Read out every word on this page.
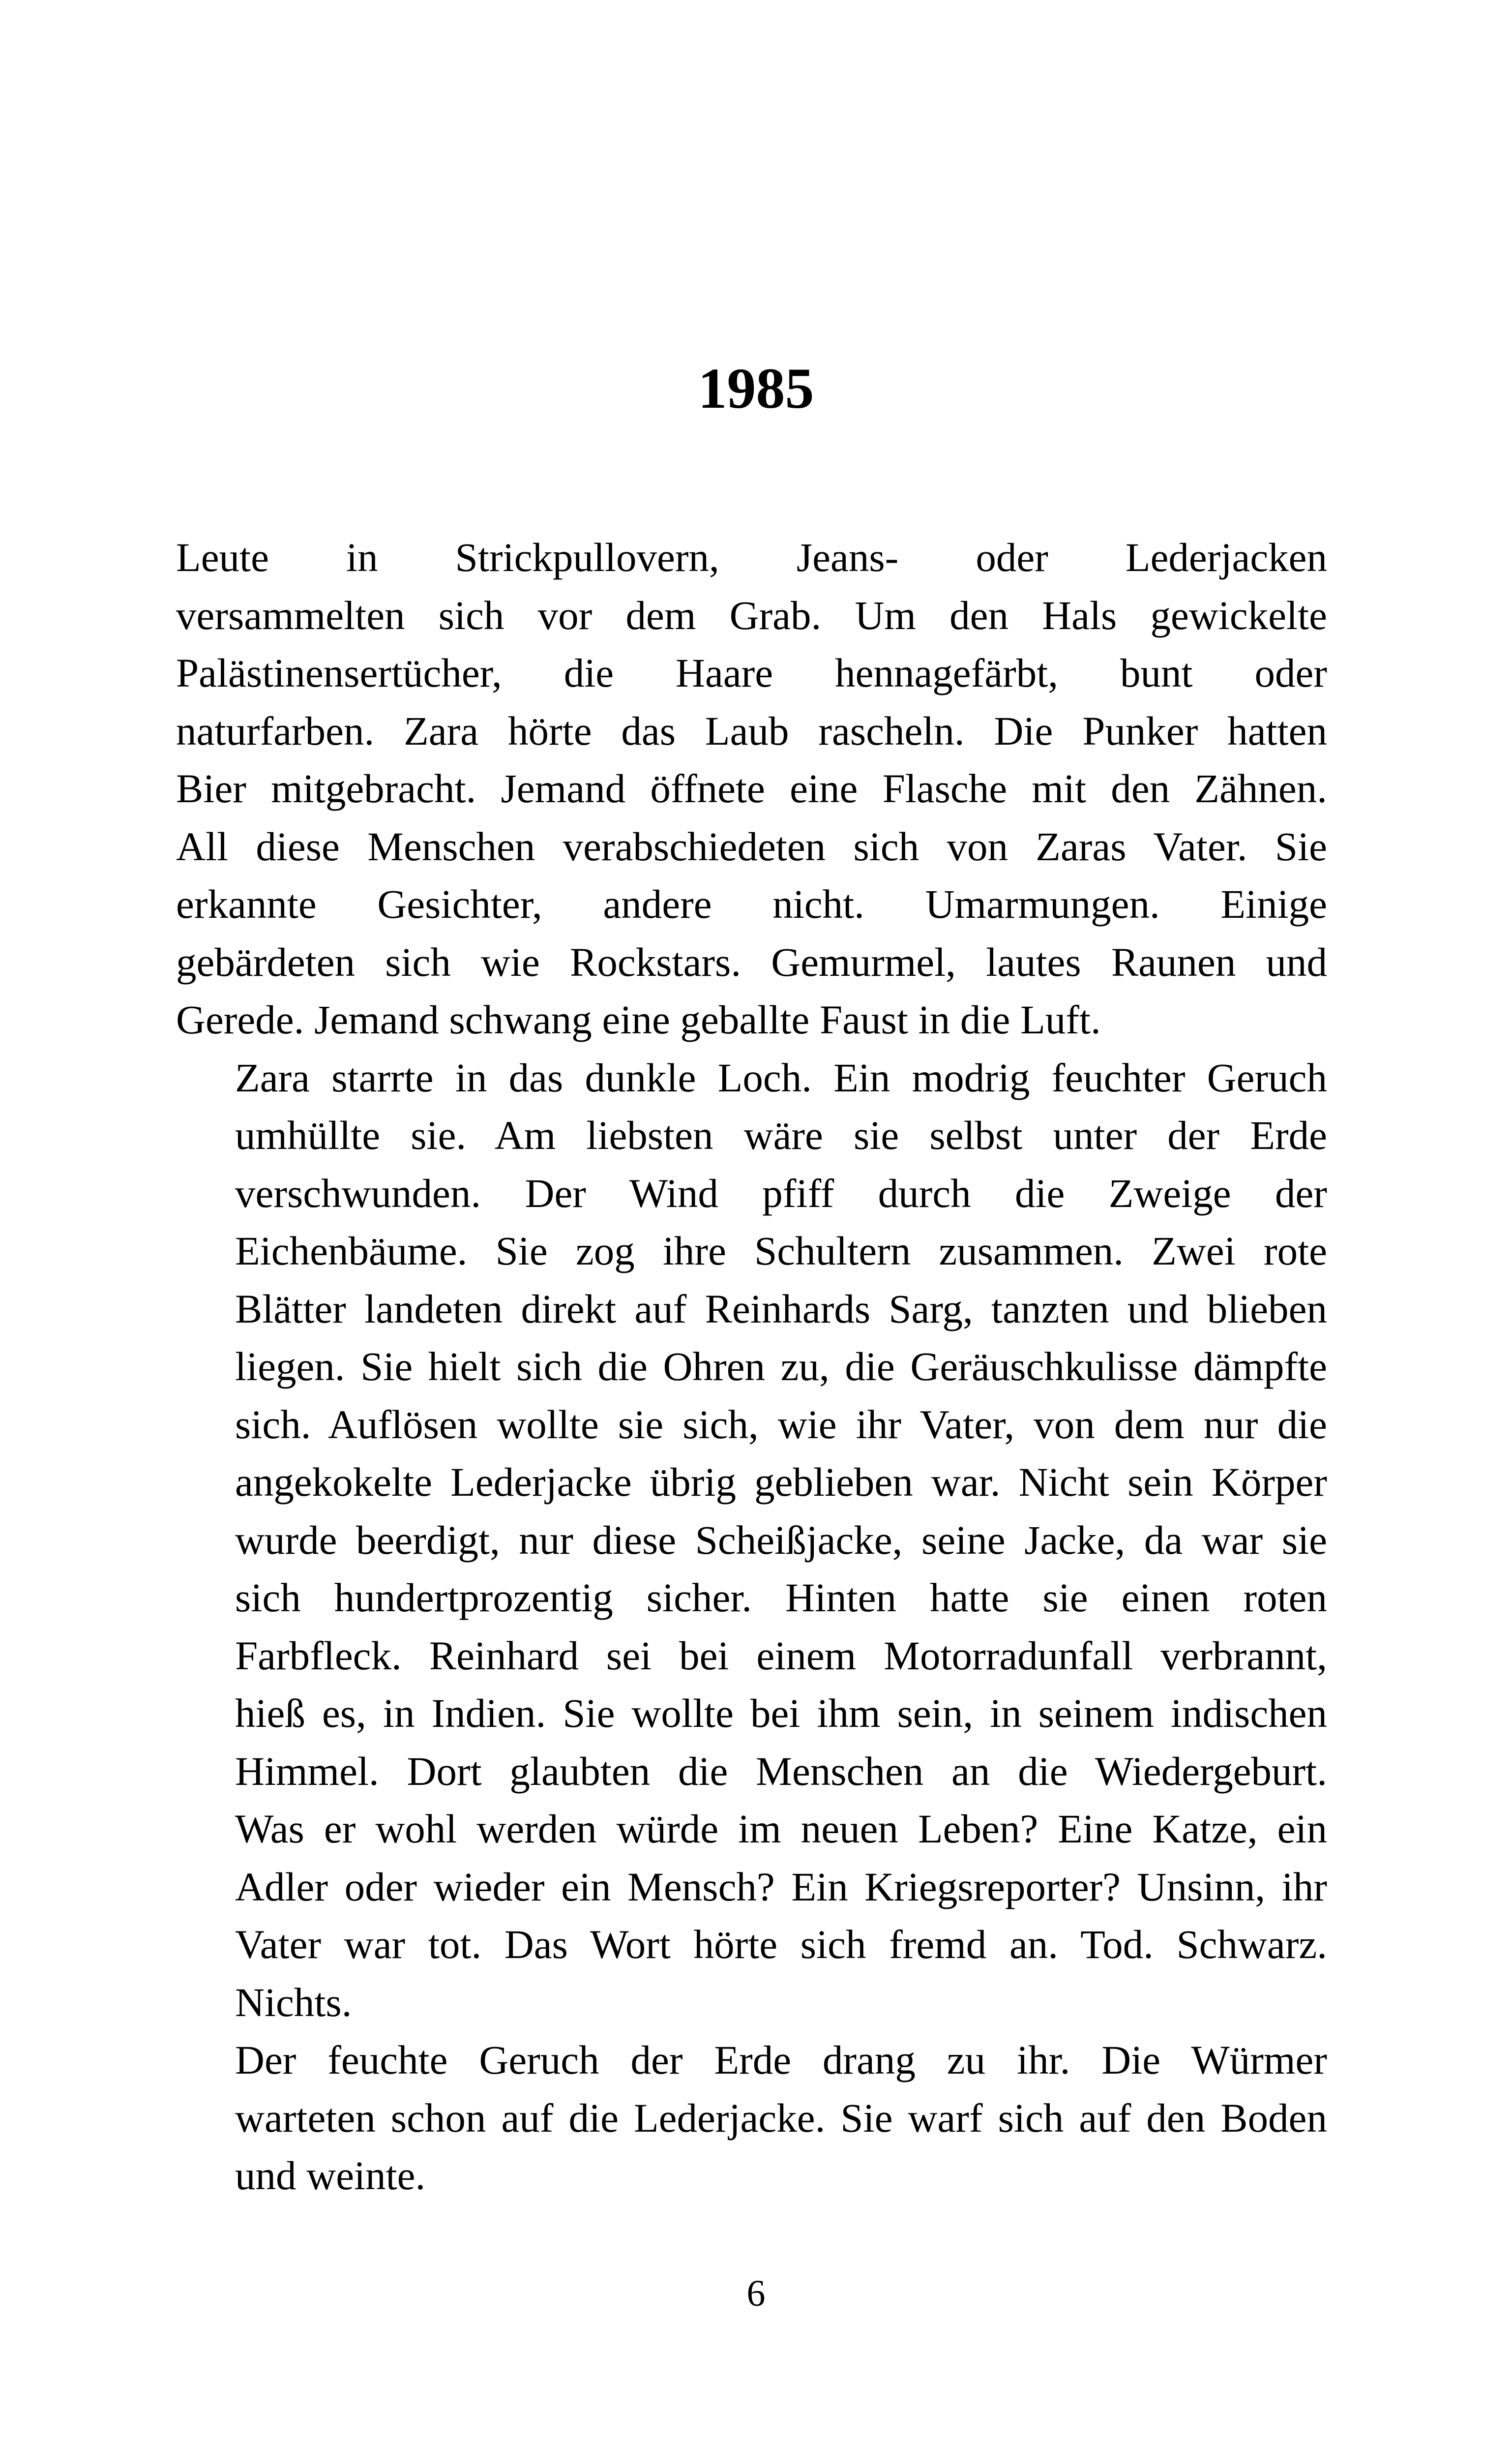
1985

Leute in Strickpullovern, Jeans- oder Lederjacken
versammelten sich vor dem Grab. Um den Hals gewickelte
Palästinensertücher, die Haare hennagefärbt, bunt oder
naturfarben. Zara hörte das Laub rascheln. Die Punker hatten
Bier mitgebracht. Jemand öffnete eine Flasche mit den Zähnen.
All diese Menschen verabschiedeten sich von Zaras Vater. Sie
erkannte Gesichter, andere nicht. Umarmungen. Einige
gebärdeten sich wie Rockstars. Gemurmel, lautes Raunen und
Gerede. Jemand schwang eine geballte Faust in die Luft.

Zara starrte in das dunkle Loch. Ein modrig feuchter Geruch
umhüllte sie. Am liebsten wäre sie selbst unter der Erde
verschwunden. Der Wind pfiff durch die Zweige der
Eichenbäume. Sie zog ihre Schultern zusammen. Zwei rote
Blätter landeten direkt auf Reinhards Sarg, tanzten und blieben
liegen. Sie hielt sich die Ohren zu, die Geräuschkulisse dämpfte
sich. Auflösen wollte sie sich, wie ihr Vater, von dem nur die
angekokelte Lederjacke übrig geblieben war. Nicht sein Körper
wurde beerdigt, nur diese Scheißjacke, seine Jacke, da war sie
sich hundertprozentig sicher. Hinten hatte sie einen roten
Farbfleck. Reinhard sei bei einem Motorradunfall verbrannt,
hieß es, in Indien. Sie wollte bei ihm sein, in seinem indischen
Himmel. Dort glaubten die Menschen an die Wiedergeburt.
Was er wohl werden würde im neuen Leben? Eine Katze, ein
Adler oder wieder ein Mensch? Ein Kriegsreporter? Unsinn, ihr
Vater war tot. Das Wort hörte sich fremd an. Tod. Schwarz.
Nichts.

Der feuchte Geruch der Erde drang zu ihr. Die Würmer
warteten schon auf die Lederjacke. Sie warf sich auf den Boden
und weinte.

6
